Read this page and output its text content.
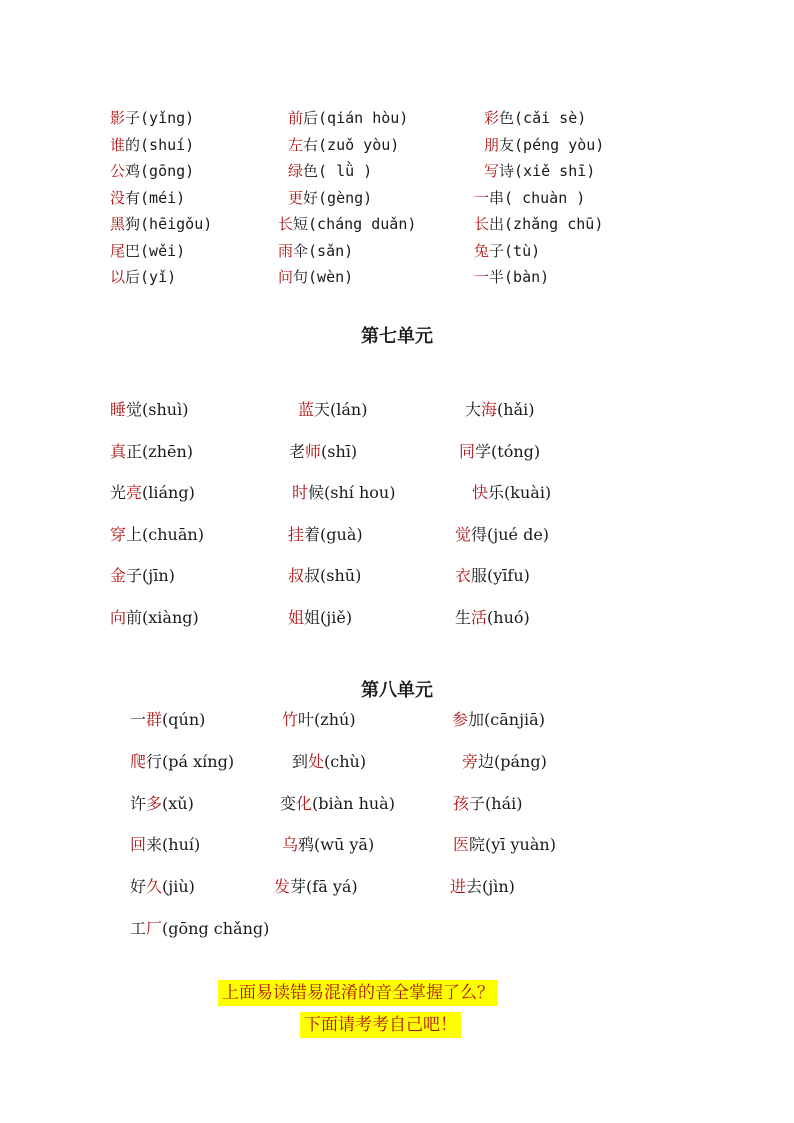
影子(yǐng)	前后(qián hòu)	彩色(cǎi sè)
谁的(shuí)	左右(zuǒ yòu)	朋友(péng yòu)
公鸡(gōng)	绿色( lǜ )	写诗(xiě shī)
没有(méi)	更好(gèng)	一串( chuàn )
黑狗(hēigǒu)	长短(cháng duǎn)	长出(zhǎng chū)
尾巴(wěi)	雨伞(sǎn)	兔子(tù)
以后(yǐ)	问句(wèn)	一半(bàn)
第七单元
睡觉(shuì)	蓝天(lán)	大海(hǎi)
真正(zhēn)	老师(shī)	同学(tóng)
光亮(liáng)	时候(shí hou)	快乐(kuài)
穿上(chuān)	挂着(guà)	觉得(jué de)
金子(jīn)	叔叔(shū)	衣服(yīfu)
向前(xiàng)	姐姐(jiě)	生活(huó)
第八单元
一群(qún)	竹叶(zhú)	参加(cānjiā)
爬行(pá xíng)	到处(chù)	旁边(páng)
许多(xǔ)	变化(biàn huà)	孩子(hái)
回来(huí)	乌鸦(wū yā)	医院(yī yuàn)
好久(jiù)	发芽(fā yá)	进去(jìn)
工厂(gōng chǎng)
上面易读错易混淆的音全掌握了么？
下面请考考自己吧！
